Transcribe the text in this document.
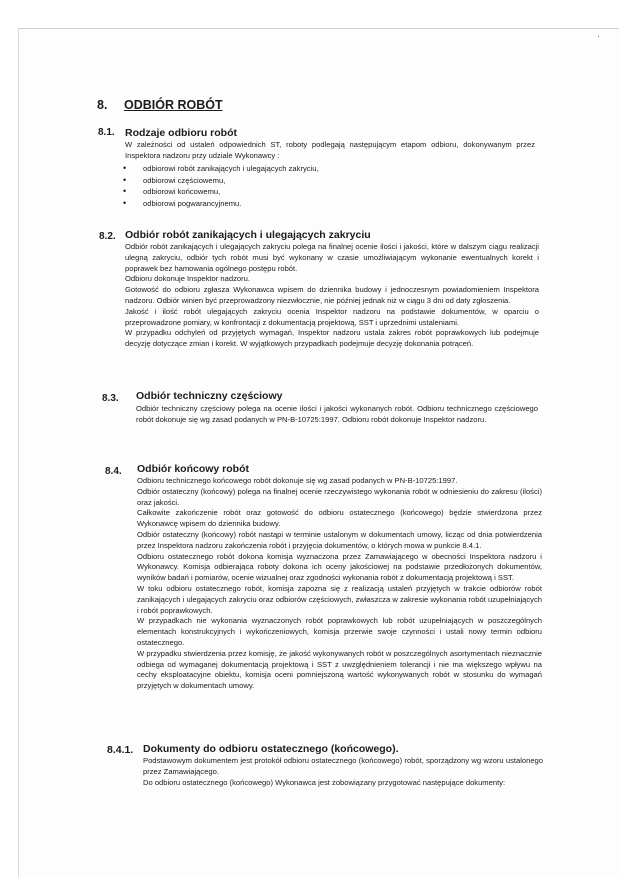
·
8. ODBIÓR ROBÓT
8.1. Rodzaje odbioru robót
W zależności od ustaleń odpowiednich ST, roboty podlegają następującym etapom odbioru, dokonywanym przez Inspektora nadzoru przy udziale Wykonawcy :
• odbiorowi robót zanikających i ulegających zakryciu,
• odbiorowi częściowemu,
• odbiorowi końcowemu,
• odbiorowi pogwarancyjnemu.
8.2. Odbiór robót zanikających i ulegających zakryciu

Odbiór robót zanikających i ulegających zakryciu polega na finalnej ocenie ilości i jakości, które w dalszym ciągu realizacji ulegną zakryciu, odbiór tych robót musi być wykonany w czasie umożliwiającym wykonanie ewentualnych korekt i poprawek bez hamowania ogólnego postępu robót.

Odbioru dokonuje Inspektor nadzoru.

Gotowość do odbioru zgłasza Wykonawca wpisem do dziennika budowy i jednoczesnym powiadomieniem Inspektora nadzoru. Odbiór winien być przeprowadzony niezwłocznie, nie później jednak niż w ciągu 3 dni od daty zgłoszenia.

Jakość i ilość robót ulegających zakryciu ocenia Inspektor nadzoru na podstawie dokumentów, w oparciu o przeprowadzone pomiary, w konfrontacji z dokumentacją projektową, SST i uprzednimi ustaleniami.

W przypadku odchyleń od przyjętych wymagań, Inspektor nadzoru ustala zakres robót poprawkowych lub podejmuje decyzję dotyczące zmian i korekt. W wyjątkowych przypadkach podejmuje decyzję dokonania potrąceń.

8.3. Odbiór techniczny częściowy

Odbiór techniczny częściowy polega na ocenie ilości i jakości wykonanych robót. Odbioru technicznego częściowego robót dokonuje się wg zasad podanych w PN-B-10725:1997. Odbioru robót dokonuje Inspektor nadzoru.

8.4. Odbiór końcowy robót

Odbioru technicznego końcowego robót dokonuje się wg zasad podanych w PN-B-10725:1997.

Odbiór ostateczny (końcowy) polega na finalnej ocenie rzeczywistego wykonania robót w odniesieniu do zakresu (ilości) oraz jakości.

Całkowite zakończenie robót oraz gotowość do odbioru ostatecznego (końcowego) będzie stwierdzona przez Wykonawcę wpisem do dziennika budowy.

Odbiór ostateczny (końcowy) robót nastąpi w terminie ustalonym w dokumentach umowy, licząc od dnia potwierdzenia przez Inspektora nadzoru zakończenia robót i przyjęcia dokumentów, o których mowa w punkcie 8.4.1.

Odbioru ostatecznego robót dokona komisja wyznaczona przez Zamawiającego w obecności Inspektora nadzoru i Wykonawcy. Komisja odbierająca roboty dokona ich oceny jakościowej na podstawie przedłożonych dokumentów, wyników badań i pomiarów, ocenie wizualnej oraz zgodności wykonania robót z dokumentacją projektową i SST.

W toku odbioru ostatecznego robót, komisja zapozna się z realizacją ustaleń przyjętych w trakcie odbiorów robót zanikających i ulegających zakryciu oraz odbiorów częściowych, zwłaszcza w zakresie wykonania robót uzupełniających i robót poprawkowych.

W przypadkach nie wykonania wyznaczonych robót poprawkowych lub robót uzupełniających w poszczególnych elementach konstrukcyjnych i wykończeniowych, komisja przerwie swoje czynności i ustali nowy termin odbioru ostatecznego.

W przypadku stwierdzenia przez komisję, że jakość wykonywanych robót w poszczególnych asortymentach nieznacznie odbiega od wymaganej dokumentacją projektową i SST z uwzględnieniem tolerancji i nie ma większego wpływu na cechy eksploatacyjne obiektu, komisja oceni pomniejszoną wartość wykonywanych robót w stosunku do wymagań przyjętych w dokumentach umowy.

8.4.1. Dokumenty do odbioru ostatecznego (końcowego).

Podstawowym dokumentem jest protokół odbioru ostatecznego (końcowego) robót, sporządzony wg wzoru ustalonego przez Zamawiającego.

Do odbioru ostatecznego (końcowego) Wykonawca jest zobowiązany przygotować następujące dokumenty:
